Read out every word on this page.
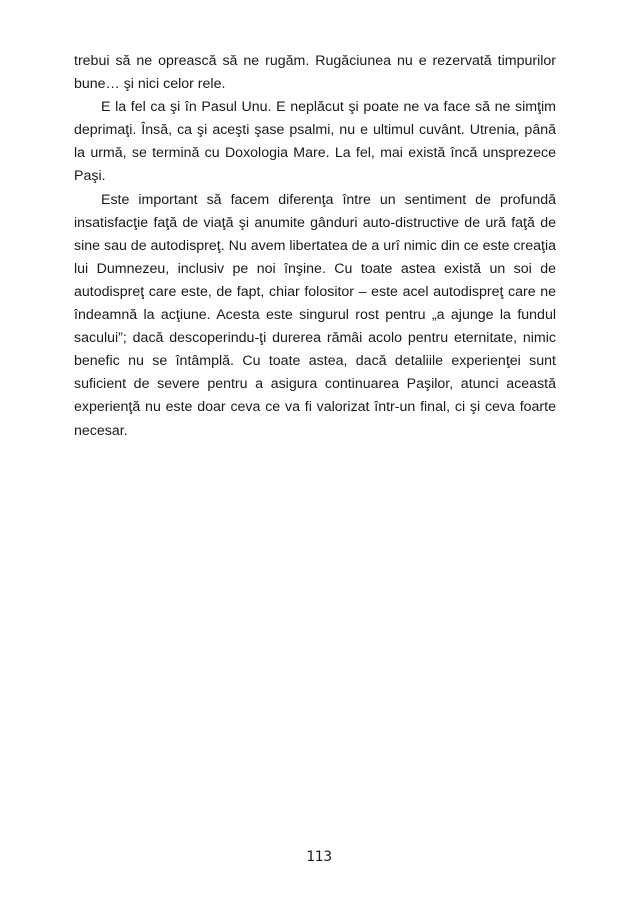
trebui să ne oprească să ne rugăm. Rugăciunea nu e rezervată timpurilor bune… şi nici celor rele.

E la fel ca şi în Pasul Unu. E neplăcut şi poate ne va face să ne simţim deprimaţi. Însă, ca şi aceşti şase psalmi, nu e ultimul cuvânt. Utrenia, până la urmă, se termină cu Doxologia Mare. La fel, mai există încă unsprezece Paşi.

Este important să facem diferenţa între un sentiment de profundă insatisfacţie faţă de viaţă şi anumite gânduri auto-distructive de ură faţă de sine sau de autodispreţ. Nu avem libertatea de a urî nimic din ce este creaţia lui Dumnezeu, inclusiv pe noi înşine. Cu toate astea există un soi de autodispreţ care este, de fapt, chiar folositor – este acel autodispreţ care ne îndeamnă la acţiune. Acesta este singurul rost pentru „a ajunge la fundul sacului”; dacă descoperindu-ţi durerea rămâi acolo pentru eternitate, nimic benefic nu se întâmplă. Cu toate astea, dacă detaliile experienţei sunt suficient de severe pentru a asigura continuarea Paşilor, atunci această experienţă nu este doar ceva ce va fi valorizat într-un final, ci şi ceva foarte necesar.

113
